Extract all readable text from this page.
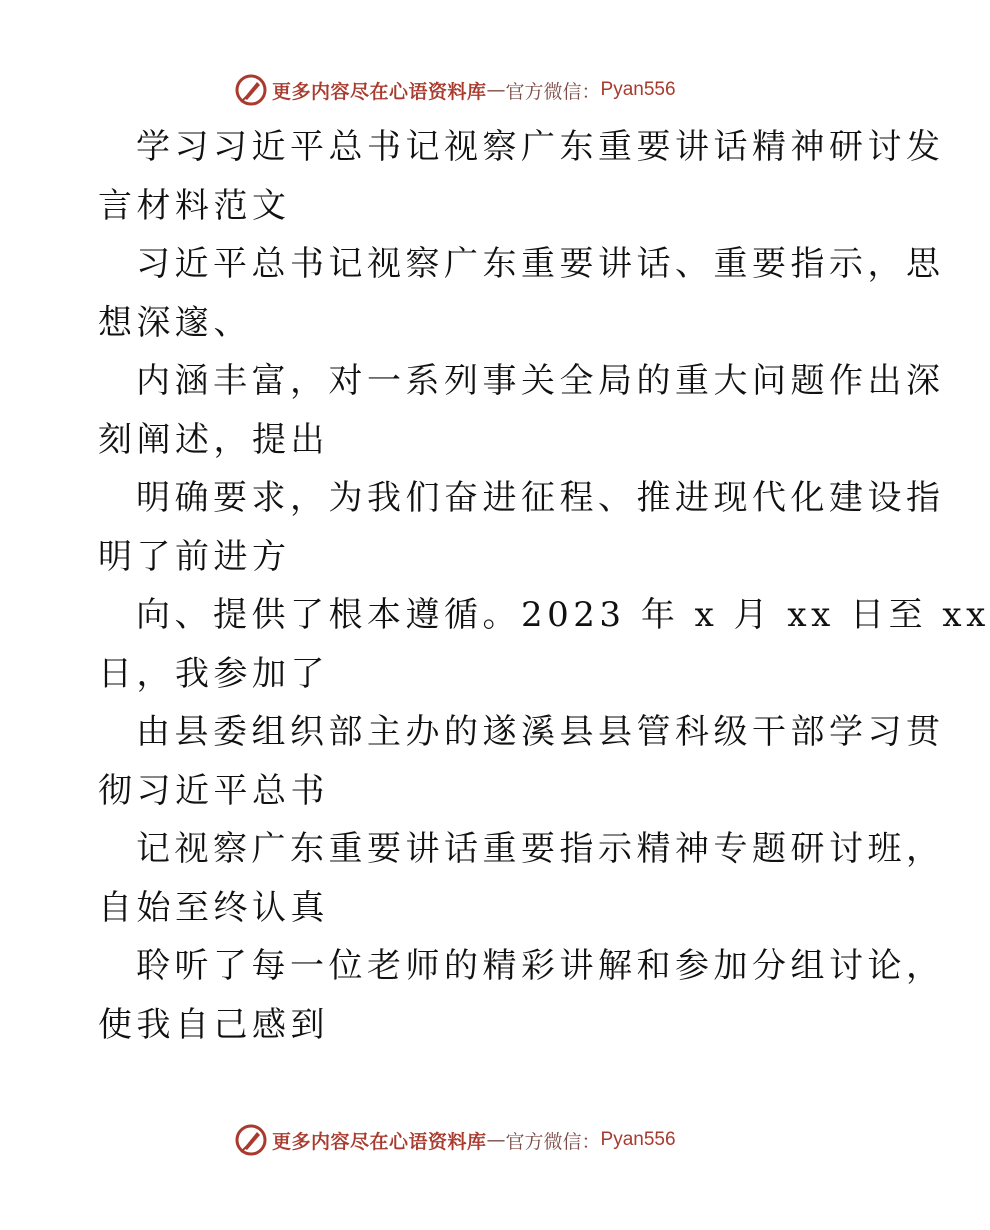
更多内容尽在心语资料库 — 官方微信： Pyan556
学习习近平总书记视察广东重要讲话精神研讨发
言材料范文
习近平总书记视察广东重要讲话、重要指示，思
想深邃、
内涵丰富，对一系列事关全局的重大问题作出深
刻阐述，提出
明确要求，为我们奋进征程、推进现代化建设指
明了前进方
向、提供了根本遵循。2023 年 x 月 xx 日至 xx
日，我参加了
由县委组织部主办的遂溪县县管科级干部学习贯
彻习近平总书
记视察广东重要讲话重要指示精神专题研讨班，
自始至终认真
聆听了每一位老师的精彩讲解和参加分组讨论，
使我自己感到
更多内容尽在心语资料库 — 官方微信： Pyan556
